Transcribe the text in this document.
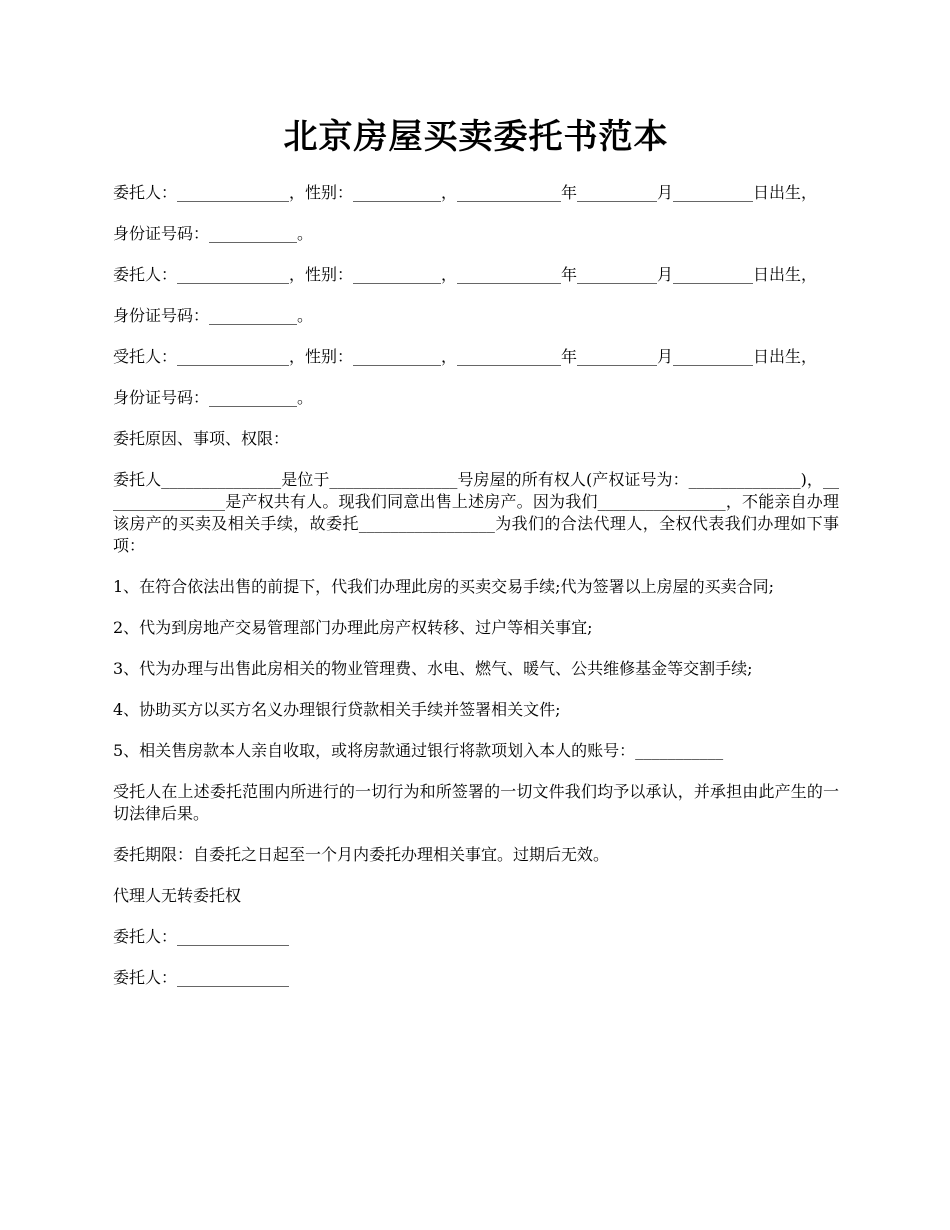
北京房屋买卖委托书范本

委托人：______________，性别：___________，_____________年__________月__________日出生，

身份证号码：___________。

委托人：______________，性别：___________，_____________年__________月__________日出生，

身份证号码：___________。

受托人：______________，性别：___________，_____________年__________月__________日出生，

身份证号码：___________。

委托原因、事项、权限：

委托人_______________是位于________________号房屋的所有权人(产权证号为：______________)，________________是产权共有人。现我们同意出售上述房产。因为我们________________，不能亲自办理该房产的买卖及相关手续，故委托_________________为我们的合法代理人，全权代表我们办理如下事项：

1、在符合依法出售的前提下，代我们办理此房的买卖交易手续;代为签署以上房屋的买卖合同;

2、代为到房地产交易管理部门办理此房产权转移、过户等相关事宜;

3、代为办理与出售此房相关的物业管理费、水电、燃气、暖气、公共维修基金等交割手续;

4、协助买方以买方名义办理银行贷款相关手续并签署相关文件;

5、相关售房款本人亲自收取，或将房款通过银行将款项划入本人的账号：___________

受托人在上述委托范围内所进行的一切行为和所签署的一切文件我们均予以承认，并承担由此产生的一切法律后果。

委托期限：自委托之日起至一个月内委托办理相关事宜。过期后无效。

代理人无转委托权

委托人：______________

委托人：______________
